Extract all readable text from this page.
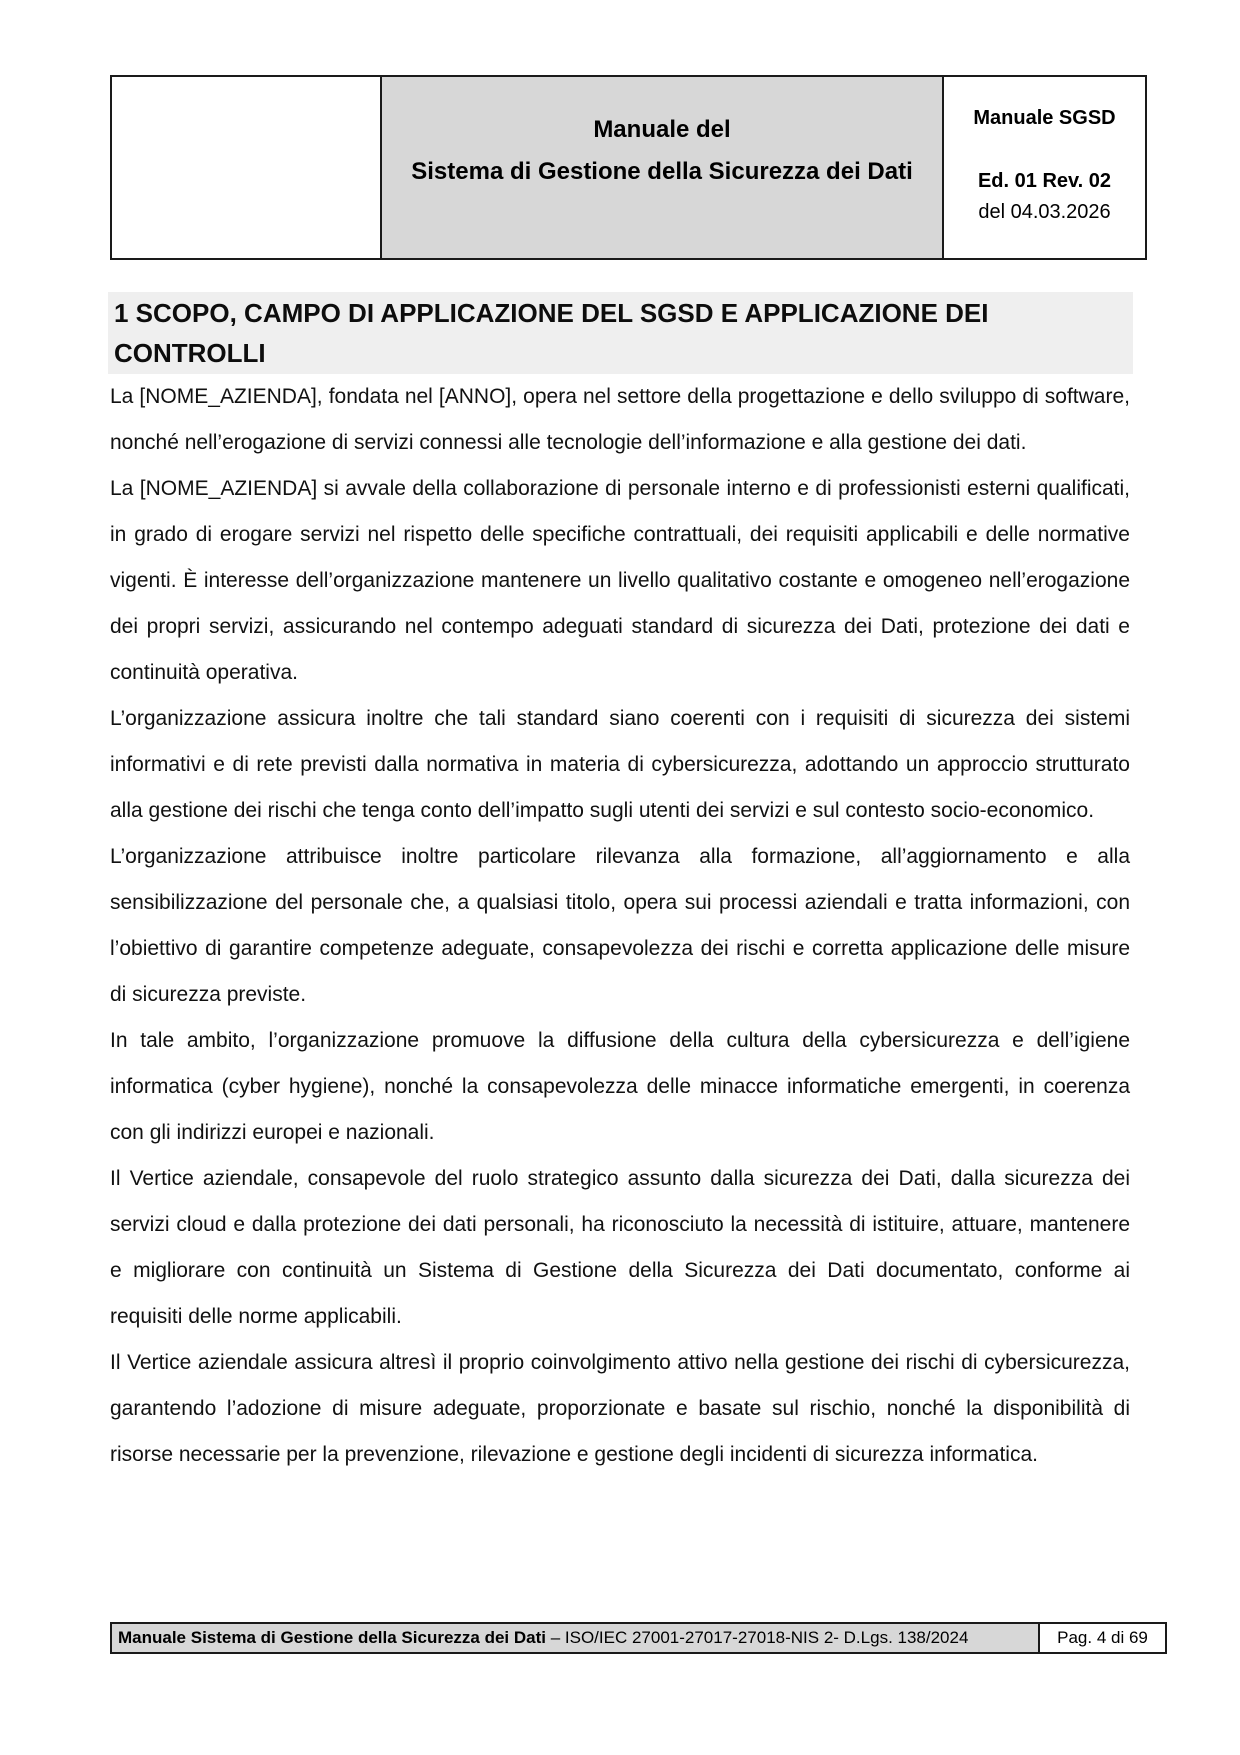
Manuale del
Sistema di Gestione della Sicurezza dei Dati
Manuale SGSD
Ed. 01 Rev. 02
del 04.03.2026
1 SCOPO, CAMPO DI APPLICAZIONE DEL SGSD E APPLICAZIONE DEI CONTROLLI

La [NOME_AZIENDA], fondata nel [ANNO], opera nel settore della progettazione e dello sviluppo di software, nonché nell’erogazione di servizi connessi alle tecnologie dell’informazione e alla gestione dei dati.

La [NOME_AZIENDA] si avvale della collaborazione di personale interno e di professionisti esterni qualificati, in grado di erogare servizi nel rispetto delle specifiche contrattuali, dei requisiti applicabili e delle normative vigenti. È interesse dell’organizzazione mantenere un livello qualitativo costante e omogeneo nell’erogazione dei propri servizi, assicurando nel contempo adeguati standard di sicurezza dei Dati, protezione dei dati e continuità operativa.

L’organizzazione assicura inoltre che tali standard siano coerenti con i requisiti di sicurezza dei sistemi informativi e di rete previsti dalla normativa in materia di cybersicurezza, adottando un approccio strutturato alla gestione dei rischi che tenga conto dell’impatto sugli utenti dei servizi e sul contesto socio-economico.

L’organizzazione attribuisce inoltre particolare rilevanza alla formazione, all’aggiornamento e alla sensibilizzazione del personale che, a qualsiasi titolo, opera sui processi aziendali e tratta informazioni, con l’obiettivo di garantire competenze adeguate, consapevolezza dei rischi e corretta applicazione delle misure di sicurezza previste.

In tale ambito, l’organizzazione promuove la diffusione della cultura della cybersicurezza e dell’igiene informatica (cyber hygiene), nonché la consapevolezza delle minacce informatiche emergenti, in coerenza con gli indirizzi europei e nazionali.

Il Vertice aziendale, consapevole del ruolo strategico assunto dalla sicurezza dei Dati, dalla sicurezza dei servizi cloud e dalla protezione dei dati personali, ha riconosciuto la necessità di istituire, attuare, mantenere e migliorare con continuità un Sistema di Gestione della Sicurezza dei Dati documentato, conforme ai requisiti delle norme applicabili.

Il Vertice aziendale assicura altresì il proprio coinvolgimento attivo nella gestione dei rischi di cybersicurezza, garantendo l’adozione di misure adeguate, proporzionate e basate sul rischio, nonché la disponibilità di risorse necessarie per la prevenzione, rilevazione e gestione degli incidenti di sicurezza informatica.

Manuale Sistema di Gestione della Sicurezza dei Dati – ISO/IEC 27001-27017-27018-NIS 2- D.Lgs. 138/2024	Pag. 4 di 69
